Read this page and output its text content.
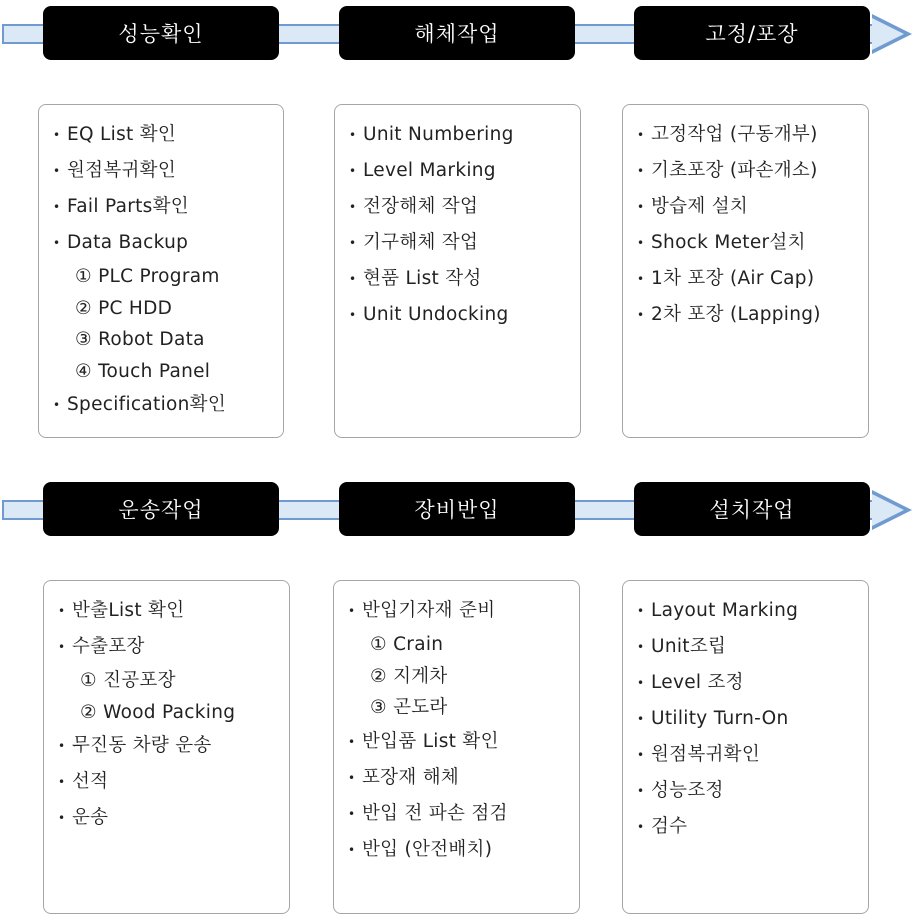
성능확인	해체작업	고정/포장
• EQ List 확인
• 원점복귀확인
• Fail Parts확인
• Data Backup
① PLC Program
② PC HDD
③ Robot Data
④ Touch Panel
• Specification확인
• Unit Numbering
• Level Marking
• 전장해체 작업
• 기구해체 작업
• 현품 List 작성
• Unit Undocking
• 고정작업 (구동개부)
• 기초포장 (파손개소)
• 방습제 설치
• Shock Meter설치
• 1차 포장 (Air Cap)
• 2차 포장 (Lapping)
운송작업	장비반입	설치작업
• 반출List 확인
• 수출포장
① 진공포장
② Wood Packing
• 무진동 차량 운송
• 선적
• 운송
• 반입기자재 준비
① Crain
② 지게차
③ 곤도라
• 반입품 List 확인
• 포장재 해체
• 반입 전 파손 점검
• 반입 (안전배치)
• Layout Marking
• Unit조립
• Level 조정
• Utility Turn-On
• 원점복귀확인
• 성능조정
• 검수
